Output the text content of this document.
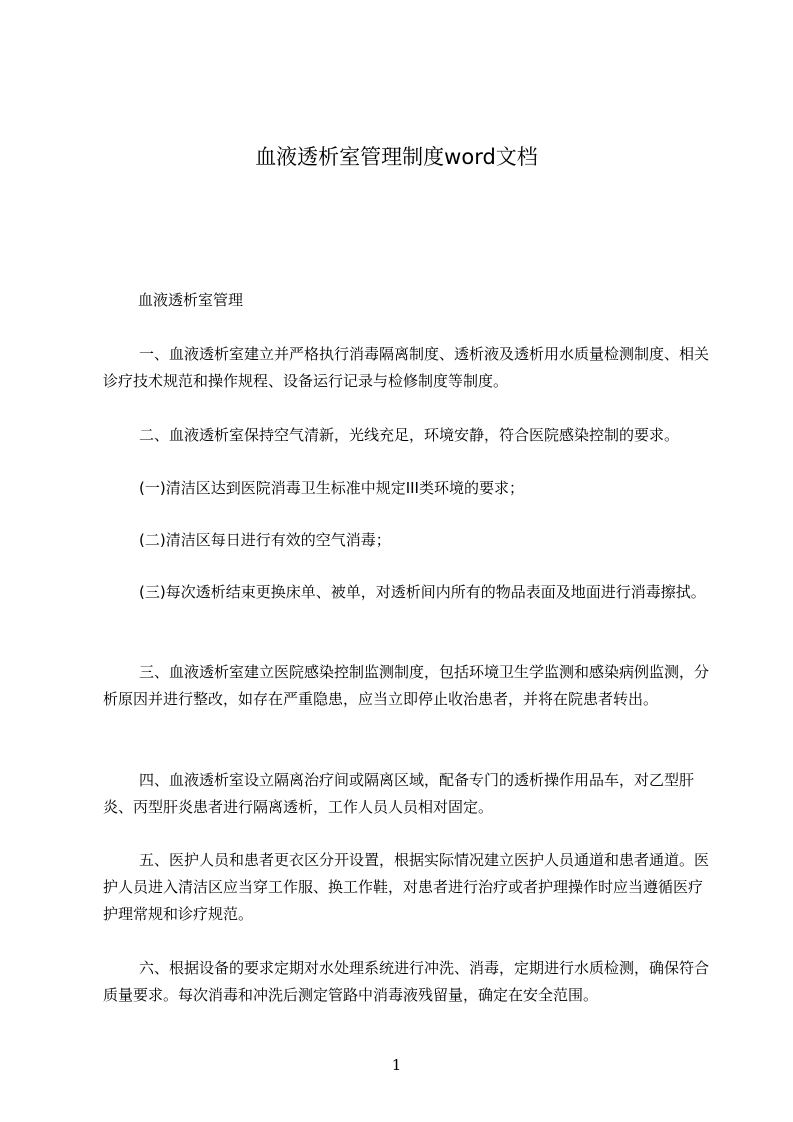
血液透析室管理制度word文档

血液透析室管理

一、血液透析室建立并严格执行消毒隔离制度、透析液及透析用水质量检测制度、相关诊疗技术规范和操作规程、设备运行记录与检修制度等制度。

二、血液透析室保持空气清新，光线充足，环境安静，符合医院感染控制的要求。

(一)清洁区达到医院消毒卫生标准中规定III类环境的要求；

(二)清洁区每日进行有效的空气消毒；

(三)每次透析结束更换床单、被单，对透析间内所有的物品表面及地面进行消毒擦拭。

三、血液透析室建立医院感染控制监测制度，包括环境卫生学监测和感染病例监测，分析原因并进行整改，如存在严重隐患，应当立即停止收治患者，并将在院患者转出。

四、血液透析室设立隔离治疗间或隔离区域，配备专门的透析操作用品车，对乙型肝炎、丙型肝炎患者进行隔离透析，工作人员人员相对固定。

五、医护人员和患者更衣区分开设置，根据实际情况建立医护人员通道和患者通道。医护人员进入清洁区应当穿工作服、换工作鞋，对患者进行治疗或者护理操作时应当遵循医疗护理常规和诊疗规范。

六、根据设备的要求定期对水处理系统进行冲洗、消毒，定期进行水质检测，确保符合质量要求。每次消毒和冲洗后测定管路中消毒液残留量，确定在安全范围。

1
